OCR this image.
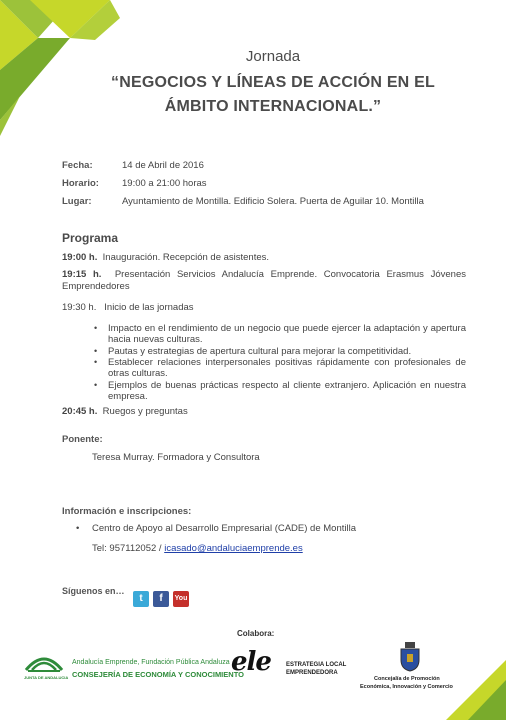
Jornada
“NEGOCIOS Y LÍNEAS DE ACCIÓN EN EL
ÁMBITO INTERNACIONAL.”
Fecha:	14 de Abril de 2016
Horario: 19:00 a 21:00 horas
Lugar:	Ayuntamiento de Montilla. Edificio Solera. Puerta de Aguilar 10. Montilla
Programa
19:00 h. Inauguración. Recepción de asistentes.
19:15 h. Presentación Servicios Andalucía Emprende. Convocatoria Erasmus Jóvenes Emprendedores
19:30 h. Inicio de las jornadas
• Impacto en el rendimiento de un negocio que puede ejercer la adaptación y apertura hacia nuevas culturas.
• Pautas y estrategias de apertura cultural para mejorar la competitividad.
• Establecer relaciones interpersonales positivas rápidamente con profesionales de otras culturas.
• Ejemplos de buenas prácticas respecto al cliente extranjero. Aplicación en nuestra empresa.
20:45 h. Ruegos y preguntas
Ponente:
Teresa Murray. Formadora y Consultora
Información e inscripciones:
• Centro de Apoyo al Desarrollo Empresarial (CADE) de Montilla
Tel: 957112052 / icasado@andaluciaemprende.es
Síguenos en…
t	f	You
Colabora:
JUNTA DE ANDALUCIA
Andalucía Emprende, Fundación Pública Andaluza
CONSEJERÍA DE ECONOMÍA Y CONOCIMIENTO
ele	ESTRATEGIA LOCAL
EMPRENDEDORA
Concejalía de Promoción
Económica, Innovación y Comercio
